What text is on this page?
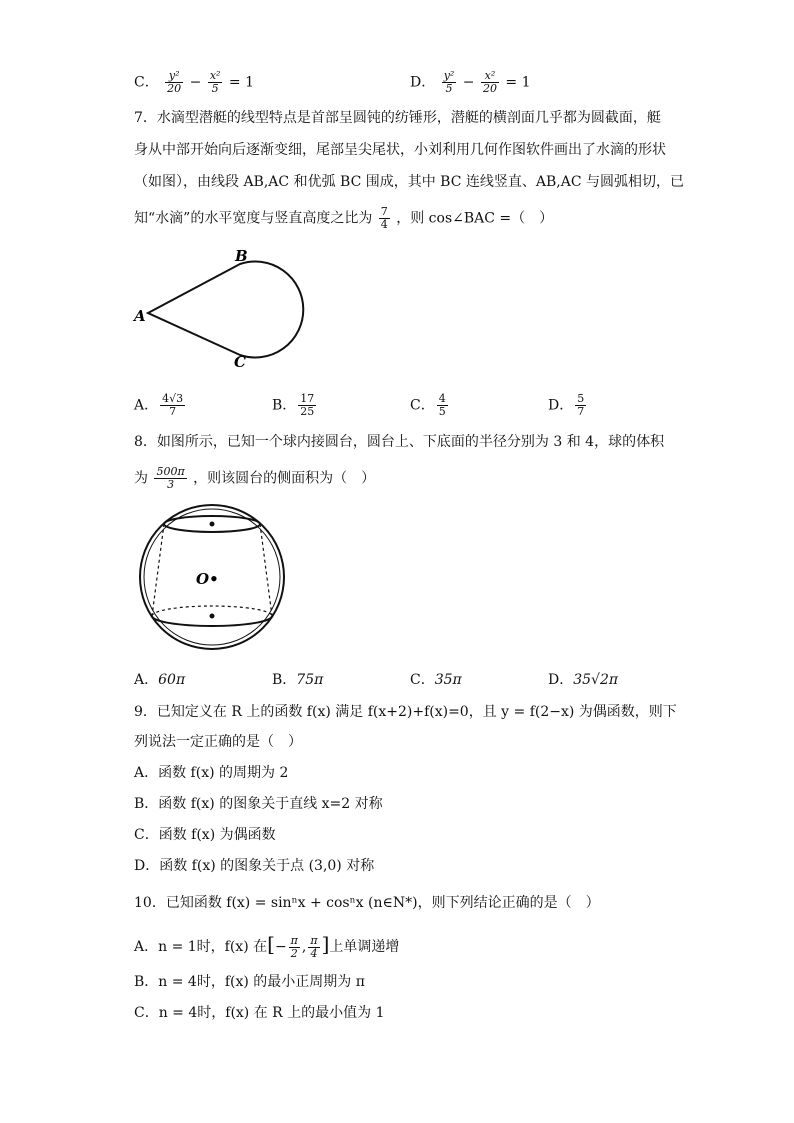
C． $\frac{\text{y²}}{20} - \frac{\text{x²}}{5} = 1$	D． $\frac{\text{y²}}{5} - \frac{\text{x²}}{20} = 1$
7．水滴型潜艇的线型特点是首部呈圆钝的纺锤形，潜艇的横剖面几乎都为圆截面，艇
身从中部开始向后逐渐变细，尾部呈尖尾状，小刘利用几何作图软件画出了水滴的形状
（如图），由线段 AB,AC 和优弧 BC 围成，其中 BC 连线竖直、AB,AC 与圆弧相切，已
知“水滴”的水平宽度与竖直高度之比为 $\frac{7}{4}$ ，则 cos∠BAC =（　）
A
B
C
A． $\frac{4√3}{7}$	B． $\frac{17}{25}$	C． $\frac{4}{5}$	D． $\frac{5}{7}$
8．如图所示，已知一个球内接圆台，圆台上、下底面的半径分别为 3 和 4，球的体积
为 $\frac{500\pi}{3}$ ，则该圆台的侧面积为（　）
O•
A．60π	B．75π	C．35π	D．35√2π
9．已知定义在 R 上的函数 f(x) 满足 f(x+2)+f(x)=0，且 y = f(2−x) 为偶函数，则下
列说法一定正确的是（　）
A．函数 f(x) 的周期为 2
B．函数 f(x) 的图象关于直线 x=2 对称
C．函数 f(x) 为偶函数
D．函数 f(x) 的图象关于点 (3,0) 对称
10．已知函数 f(x) = sinⁿx + cosⁿx (n∈N*)，则下列结论正确的是（　）
A．n = 1时，f(x) 在[− $\frac{\pi}{2}$ , $\frac{\pi}{4}$ ]上单调递增
B．n = 4时，f(x) 的最小正周期为 π
C．n = 4时，f(x) 在 R 上的最小值为 1
